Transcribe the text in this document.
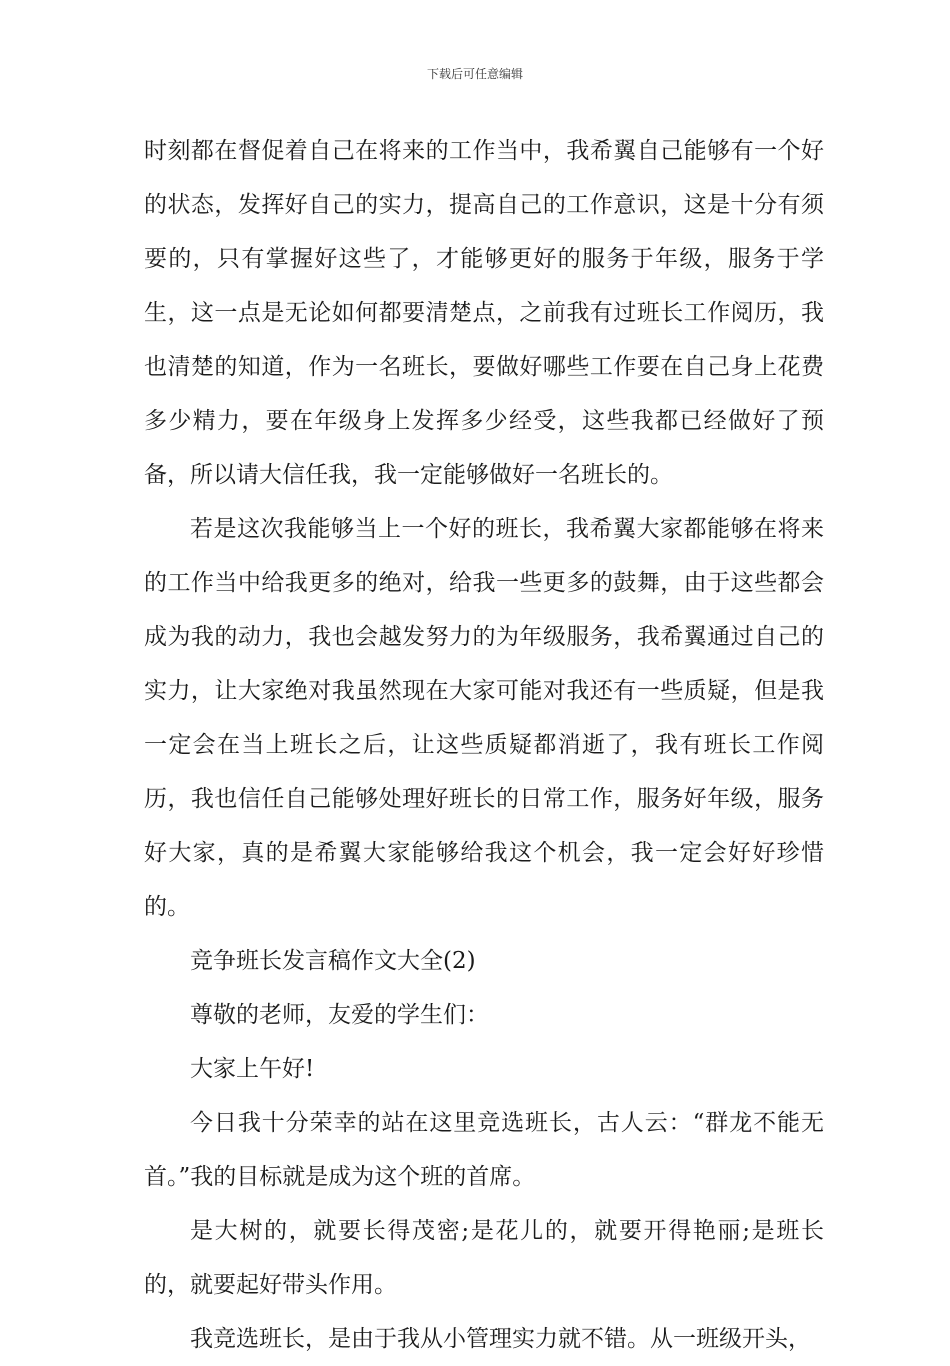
下载后可任意编辑

时刻都在督促着自己在将来的工作当中，我希翼自己能够有一个好的状态，发挥好自己的实力，提高自己的工作意识，这是十分有须要的，只有掌握好这些了，才能够更好的服务于年级，服务于学生，这一点是无论如何都要清楚点，之前我有过班长工作阅历，我也清楚的知道，作为一名班长，要做好哪些工作要在自己身上花费多少精力，要在年级身上发挥多少经受，这些我都已经做好了预备，所以请大信任我，我一定能够做好一名班长的。

若是这次我能够当上一个好的班长，我希翼大家都能够在将来的工作当中给我更多的绝对，给我一些更多的鼓舞，由于这些都会成为我的动力，我也会越发努力的为年级服务，我希翼通过自己的实力，让大家绝对我虽然现在大家可能对我还有一些质疑，但是我一定会在当上班长之后，让这些质疑都消逝了，我有班长工作阅历，我也信任自己能够处理好班长的日常工作，服务好年级，服务好大家，真的是希翼大家能够给我这个机会，我一定会好好珍惜的。

竞争班长发言稿作文大全(2)

尊敬的老师，友爱的学生们：

大家上午好!

今日我十分荣幸的站在这里竞选班长，古人云：“群龙不能无首。”我的目标就是成为这个班的首席。

是大树的，就要长得茂密;是花儿的，就要开得艳丽;是班长的，就要起好带头作用。

我竞选班长，是由于我从小管理实力就不错。从一班级开头，
